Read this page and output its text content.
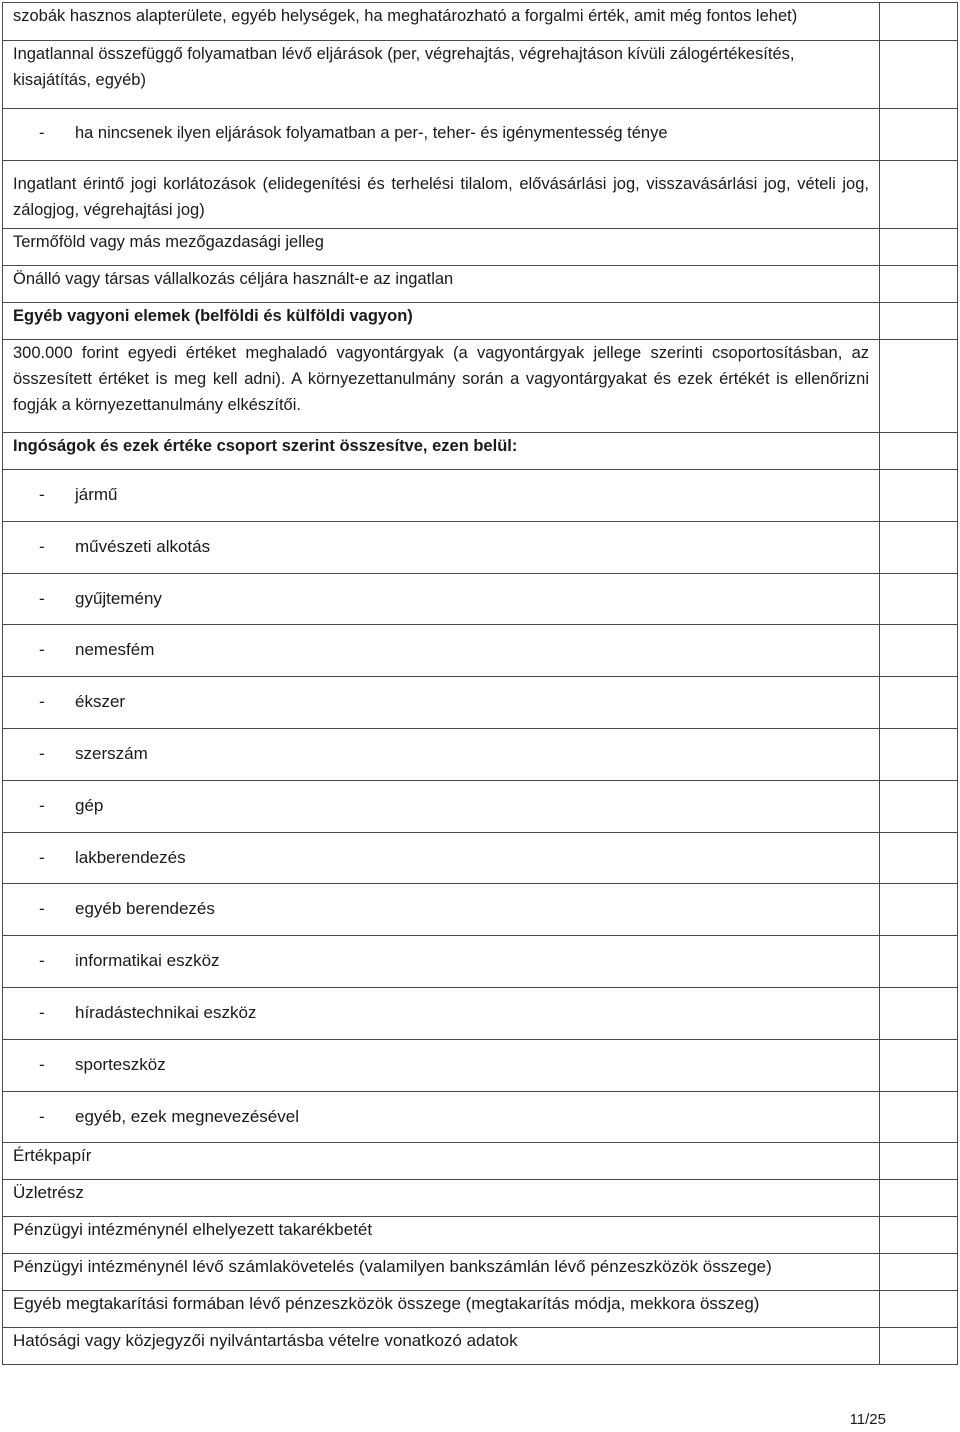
szobák hasznos alapterülete, egyéb helységek, ha meghatározható a forgalmi érték, amit még fontos lehet)	
Ingatlannal összefüggő folyamatban lévő eljárások (per, végrehajtás, végrehajtáson kívüli zálogértékesítés, kisajátítás, egyéb)	
- ha nincsenek ilyen eljárások folyamatban a per-, teher- és igénymentesség ténye	
Ingatlant érintő jogi korlátozások (elidegenítési és terhelési tilalom, elővásárlási jog, visszavásárlási jog, vételi jog, zálogjog, végrehajtási jog)	
Termőföld vagy más mezőgazdasági jelleg	
Önálló vagy társas vállalkozás céljára használt-e az ingatlan	
Egyéb vagyoni elemek (belföldi és külföldi vagyon)	
300.000 forint egyedi értéket meghaladó vagyontárgyak (a vagyontárgyak jellege szerinti csoportosításban, az összesített értéket is meg kell adni). A környezettanulmány során a vagyontárgyakat és ezek értékét is ellenőrizni fogják a környezettanulmány elkészítői.	
Ingóságok és ezek értéke csoport szerint összesítve, ezen belül:	
- jármű	
- művészeti alkotás	
- gyűjtemény	
- nemesfém	
- ékszer	
- szerszám	
- gép	
- lakberendezés	
- egyéb berendezés	
- informatikai eszköz	
- híradástechnikai eszköz	
- sporteszköz	
- egyéb, ezek megnevezésével	
Értékpapír	
Üzletrész	
Pénzügyi intézménynél elhelyezett takarékbetét	
Pénzügyi intézménynél lévő számlakövetelés (valamilyen bankszámlán lévő pénzeszközök összege)	
Egyéb megtakarítási formában lévő pénzeszközök összege (megtakarítás módja, mekkora összeg)	
Hatósági vagy közjegyzői nyilvántartásba vételre vonatkozó adatok	
11/25
